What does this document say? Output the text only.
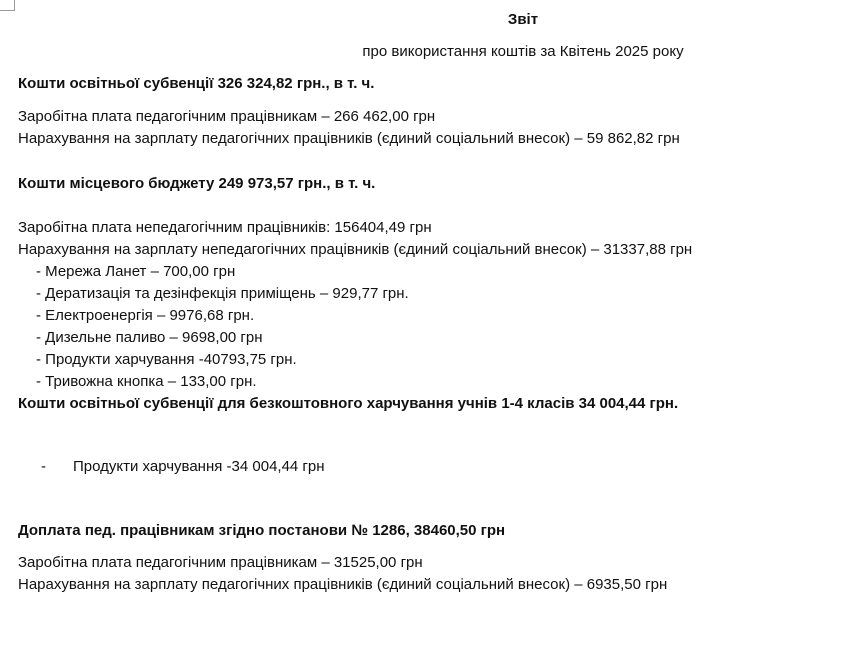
Звіт
про використання коштів за Квітень 2025 року
Кошти освітньої субвенції 326 324,82 грн., в т. ч.
Заробітна плата педагогічним працівникам – 266 462,00 грн
Нарахування на зарплату педагогічних працівників (єдиний соціальний внесок) – 59 862,82 грн
Кошти місцевого бюджету 249 973,57 грн., в т. ч.
Заробітна плата непедагогічним працівників: 156404,49 грн
Нарахування на зарплату непедагогічних працівників (єдиний соціальний внесок) – 31337,88 грн
- Мережа Ланет – 700,00 грн
- Дератизація та дезінфекція приміщень – 929,77 грн.
- Електроенергія – 9976,68 грн.
- Дизельне паливо – 9698,00 грн
- Продукти харчування -40793,75 грн.
- Тривожна кнопка – 133,00 грн.
Кошти освітньої субвенції для безкоштовного харчування учнів 1-4 класів 34 004,44 грн.
- Продукти харчування -34 004,44 грн
Доплата пед. працівникам згідно постанови № 1286, 38460,50 грн
Заробітна плата педагогічним працівникам – 31525,00 грн
Нарахування на зарплату педагогічних працівників (єдиний соціальний внесок) – 6935,50 грн
